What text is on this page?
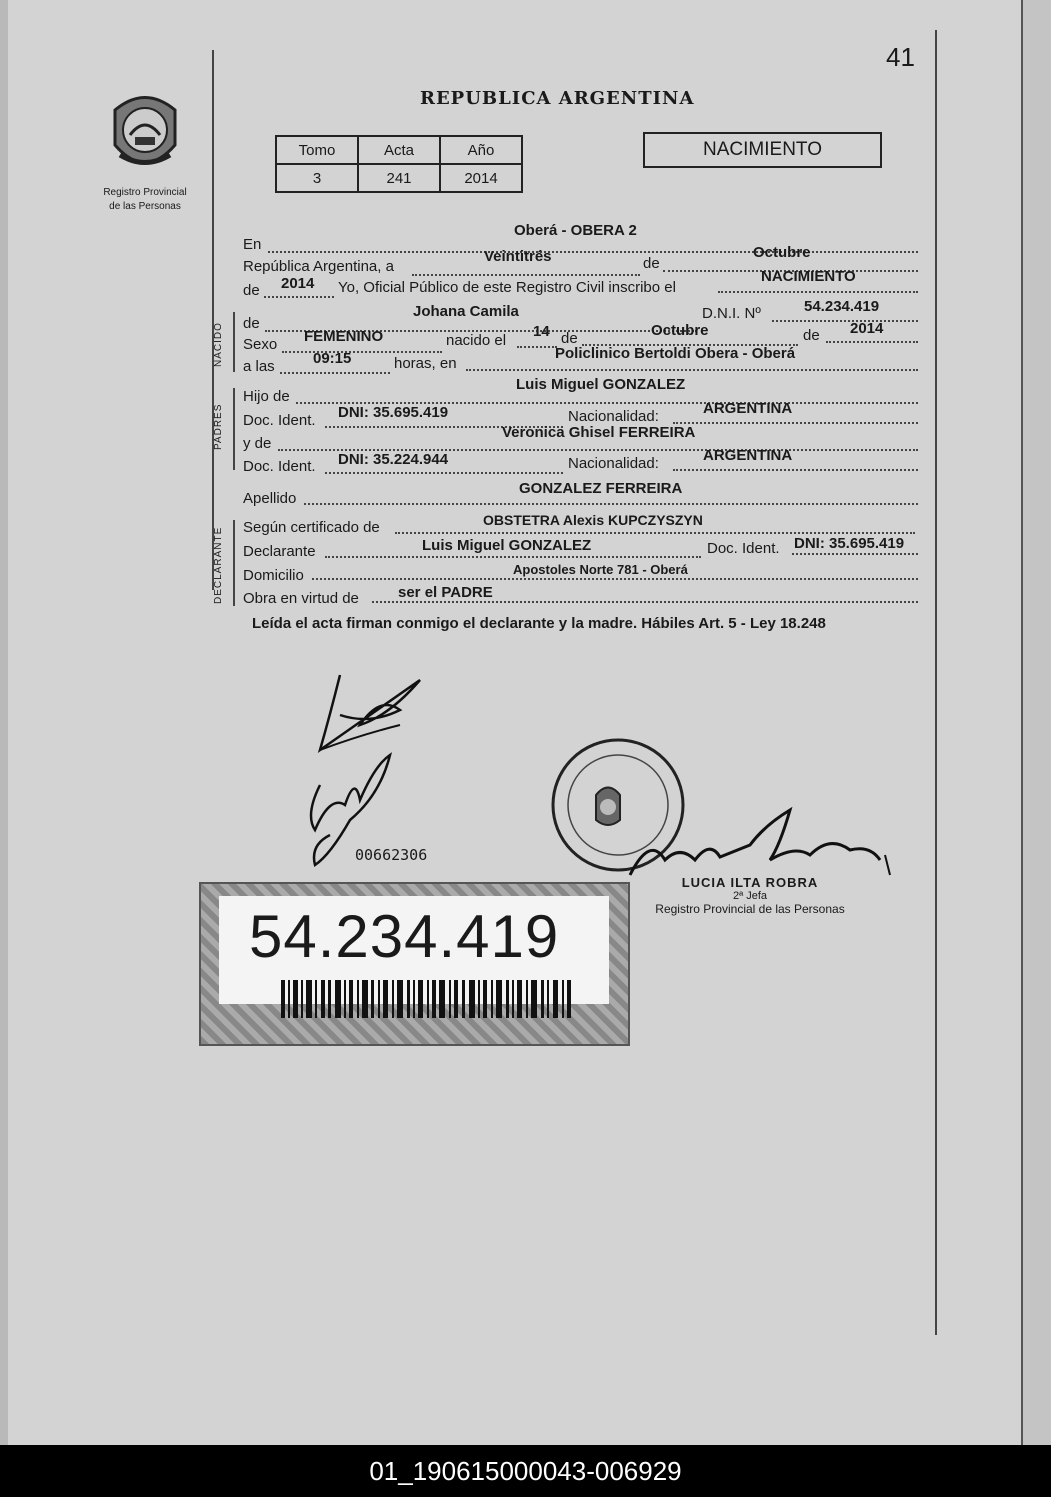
41
Registro Provincial
de las Personas
REPUBLICA ARGENTINA
Tomo	Acta	Año
3	241	2014
NACIMIENTO
En
Oberá - OBERA 2
República Argentina, a
Veintitrés	de
Octubre
de 2014 Yo, Oficial Público de este Registro Civil inscribo el
NACIMIENTO
NACIDO de
Johana Camila	D.N.I. Nº	54.234.419
Sexo FEMENINO	nacido el
14 de	Octubre	de 2014
a las	09:15	horas, en
Policlinico Bertoldi Obera - Oberá
PADRES
Hijo de
Luis Miguel GONZALEZ
Doc. Ident. DNI: 35.695.419	Nacionalidad:	ARGENTINA
y de
Veronica Ghisel FERREIRA
Doc. Ident. DNI: 35.224.944	Nacionalidad:	ARGENTINA
Apellido
GONZALEZ FERREIRA
DECLARANTE Según certificado de	OBSTETRA Alexis KUPCZYSZYN
Declarante	Luis Miguel GONZALEZ	Doc. Ident. DNI: 35.695.419
Domicilio	Apostoles Norte 781 - Oberá
Obra en virtud de	ser el PADRE
Leída el acta firman conmigo el declarante y la madre. Hábiles Art. 5 - Ley 18.248
00662306
54.234.419
LUCIA ILTA ROBRA
2ª Jefa
Registro Provincial de las Personas
01_190615000043-006929
